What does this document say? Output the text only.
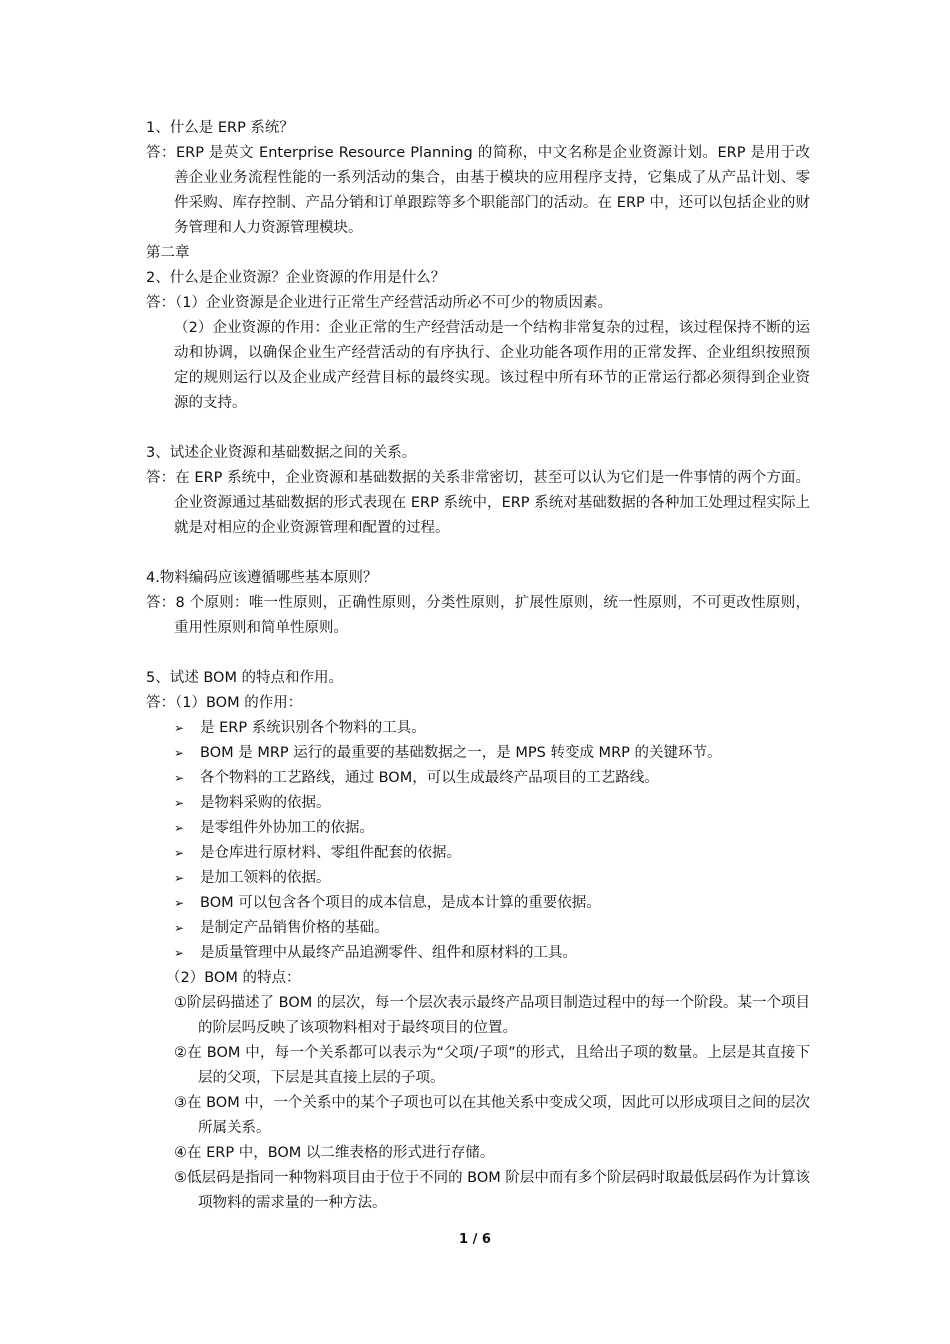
1、什么是 ERP 系统？

答：ERP 是英文 Enterprise Resource Planning 的简称，中文名称是企业资源计划。ERP 是用于改善企业业务流程性能的一系列活动的集合，由基于模块的应用程序支持，它集成了从产品计划、零件采购、库存控制、产品分销和订单跟踪等多个职能部门的活动。在 ERP 中，还可以包括企业的财务管理和人力资源管理模块。

第二章

2、什么是企业资源？企业资源的作用是什么？

答：（1）企业资源是企业进行正常生产经营活动所必不可少的物质因素。

（2）企业资源的作用：企业正常的生产经营活动是一个结构非常复杂的过程，该过程保持不断的运动和协调，以确保企业生产经营活动的有序执行、企业功能各项作用的正常发挥、企业组织按照预定的规则运行以及企业成产经营目标的最终实现。该过程中所有环节的正常运行都必须得到企业资源的支持。

3、试述企业资源和基础数据之间的关系。

答：在 ERP 系统中，企业资源和基础数据的关系非常密切，甚至可以认为它们是一件事情的两个方面。企业资源通过基础数据的形式表现在 ERP 系统中，ERP 系统对基础数据的各种加工处理过程实际上就是对相应的企业资源管理和配置的过程。

4.物料编码应该遵循哪些基本原则？

答：8 个原则：唯一性原则，正确性原则，分类性原则，扩展性原则，统一性原则，不可更改性原则，重用性原则和简单性原则。

5、试述 BOM 的特点和作用。

答：（1）BOM 的作用：

➢	是 ERP 系统识别各个物料的工具。
➢	BOM 是 MRP 运行的最重要的基础数据之一，是 MPS 转变成 MRP 的关键环节。
➢	各个物料的工艺路线，通过 BOM，可以生成最终产品项目的工艺路线。
➢	是物料采购的依据。
➢	是零组件外协加工的依据。
➢	是仓库进行原材料、零组件配套的依据。
➢	是加工领料的依据。
➢	BOM 可以包含各个项目的成本信息，是成本计算的重要依据。
➢	是制定产品销售价格的基础。
➢	是质量管理中从最终产品追溯零件、组件和原材料的工具。

（2）BOM 的特点：

①阶层码描述了 BOM 的层次，每一个层次表示最终产品项目制造过程中的每一个阶段。某一个项目的阶层吗反映了该项物料相对于最终项目的位置。

②在 BOM 中，每一个关系都可以表示为“父项/子项”的形式，且给出子项的数量。上层是其直接下层的父项，下层是其直接上层的子项。

③在 BOM 中，一个关系中的某个子项也可以在其他关系中变成父项，因此可以形成项目之间的层次所属关系。

④在 ERP 中，BOM 以二维表格的形式进行存储。

⑤低层码是指同一种物料项目由于位于不同的 BOM 阶层中而有多个阶层码时取最低层码作为计算该项物料的需求量的一种方法。

1 / 6
